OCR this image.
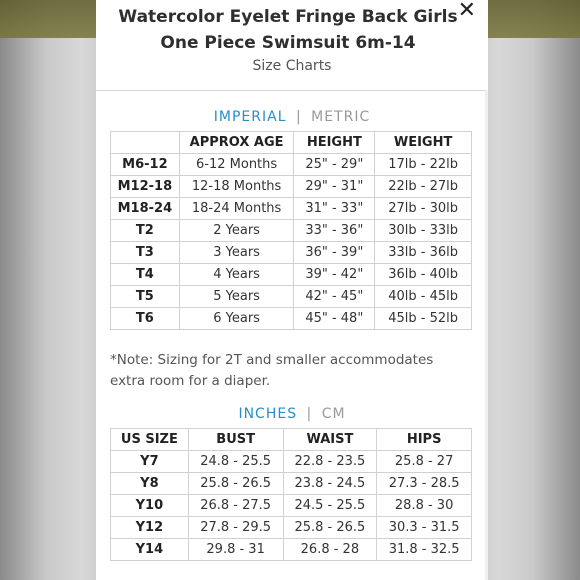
Watercolor Eyelet Fringe Back Girls One Piece Swimsuit 6m-14
Size Charts
✕
IMPERIAL | METRIC
	APPROX AGE	HEIGHT	WEIGHT
M6-12	6-12 Months	25" - 29"	17lb - 22lb
M12-18	12-18 Months	29" - 31"	22lb - 27lb
M18-24	18-24 Months	31" - 33"	27lb - 30lb
T2	2 Years	33" - 36"	30lb - 33lb
T3	3 Years	36" - 39"	33lb - 36lb
T4	4 Years	39" - 42"	36lb - 40lb
T5	5 Years	42" - 45"	40lb - 45lb
T6	6 Years	45" - 48"	45lb - 52lb

*Note: Sizing for 2T and smaller accommodates extra room for a diaper.

INCHES | CM
US SIZE	BUST	WAIST	HIPS
Y7	24.8 - 25.5	22.8 - 23.5	25.8 - 27
Y8	25.8 - 26.5	23.8 - 24.5	27.3 - 28.5
Y10	26.8 - 27.5	24.5 - 25.5	28.8 - 30
Y12	27.8 - 29.5	25.8 - 26.5	30.3 - 31.5
Y14	29.8 - 31	26.8 - 28	31.8 - 32.5
